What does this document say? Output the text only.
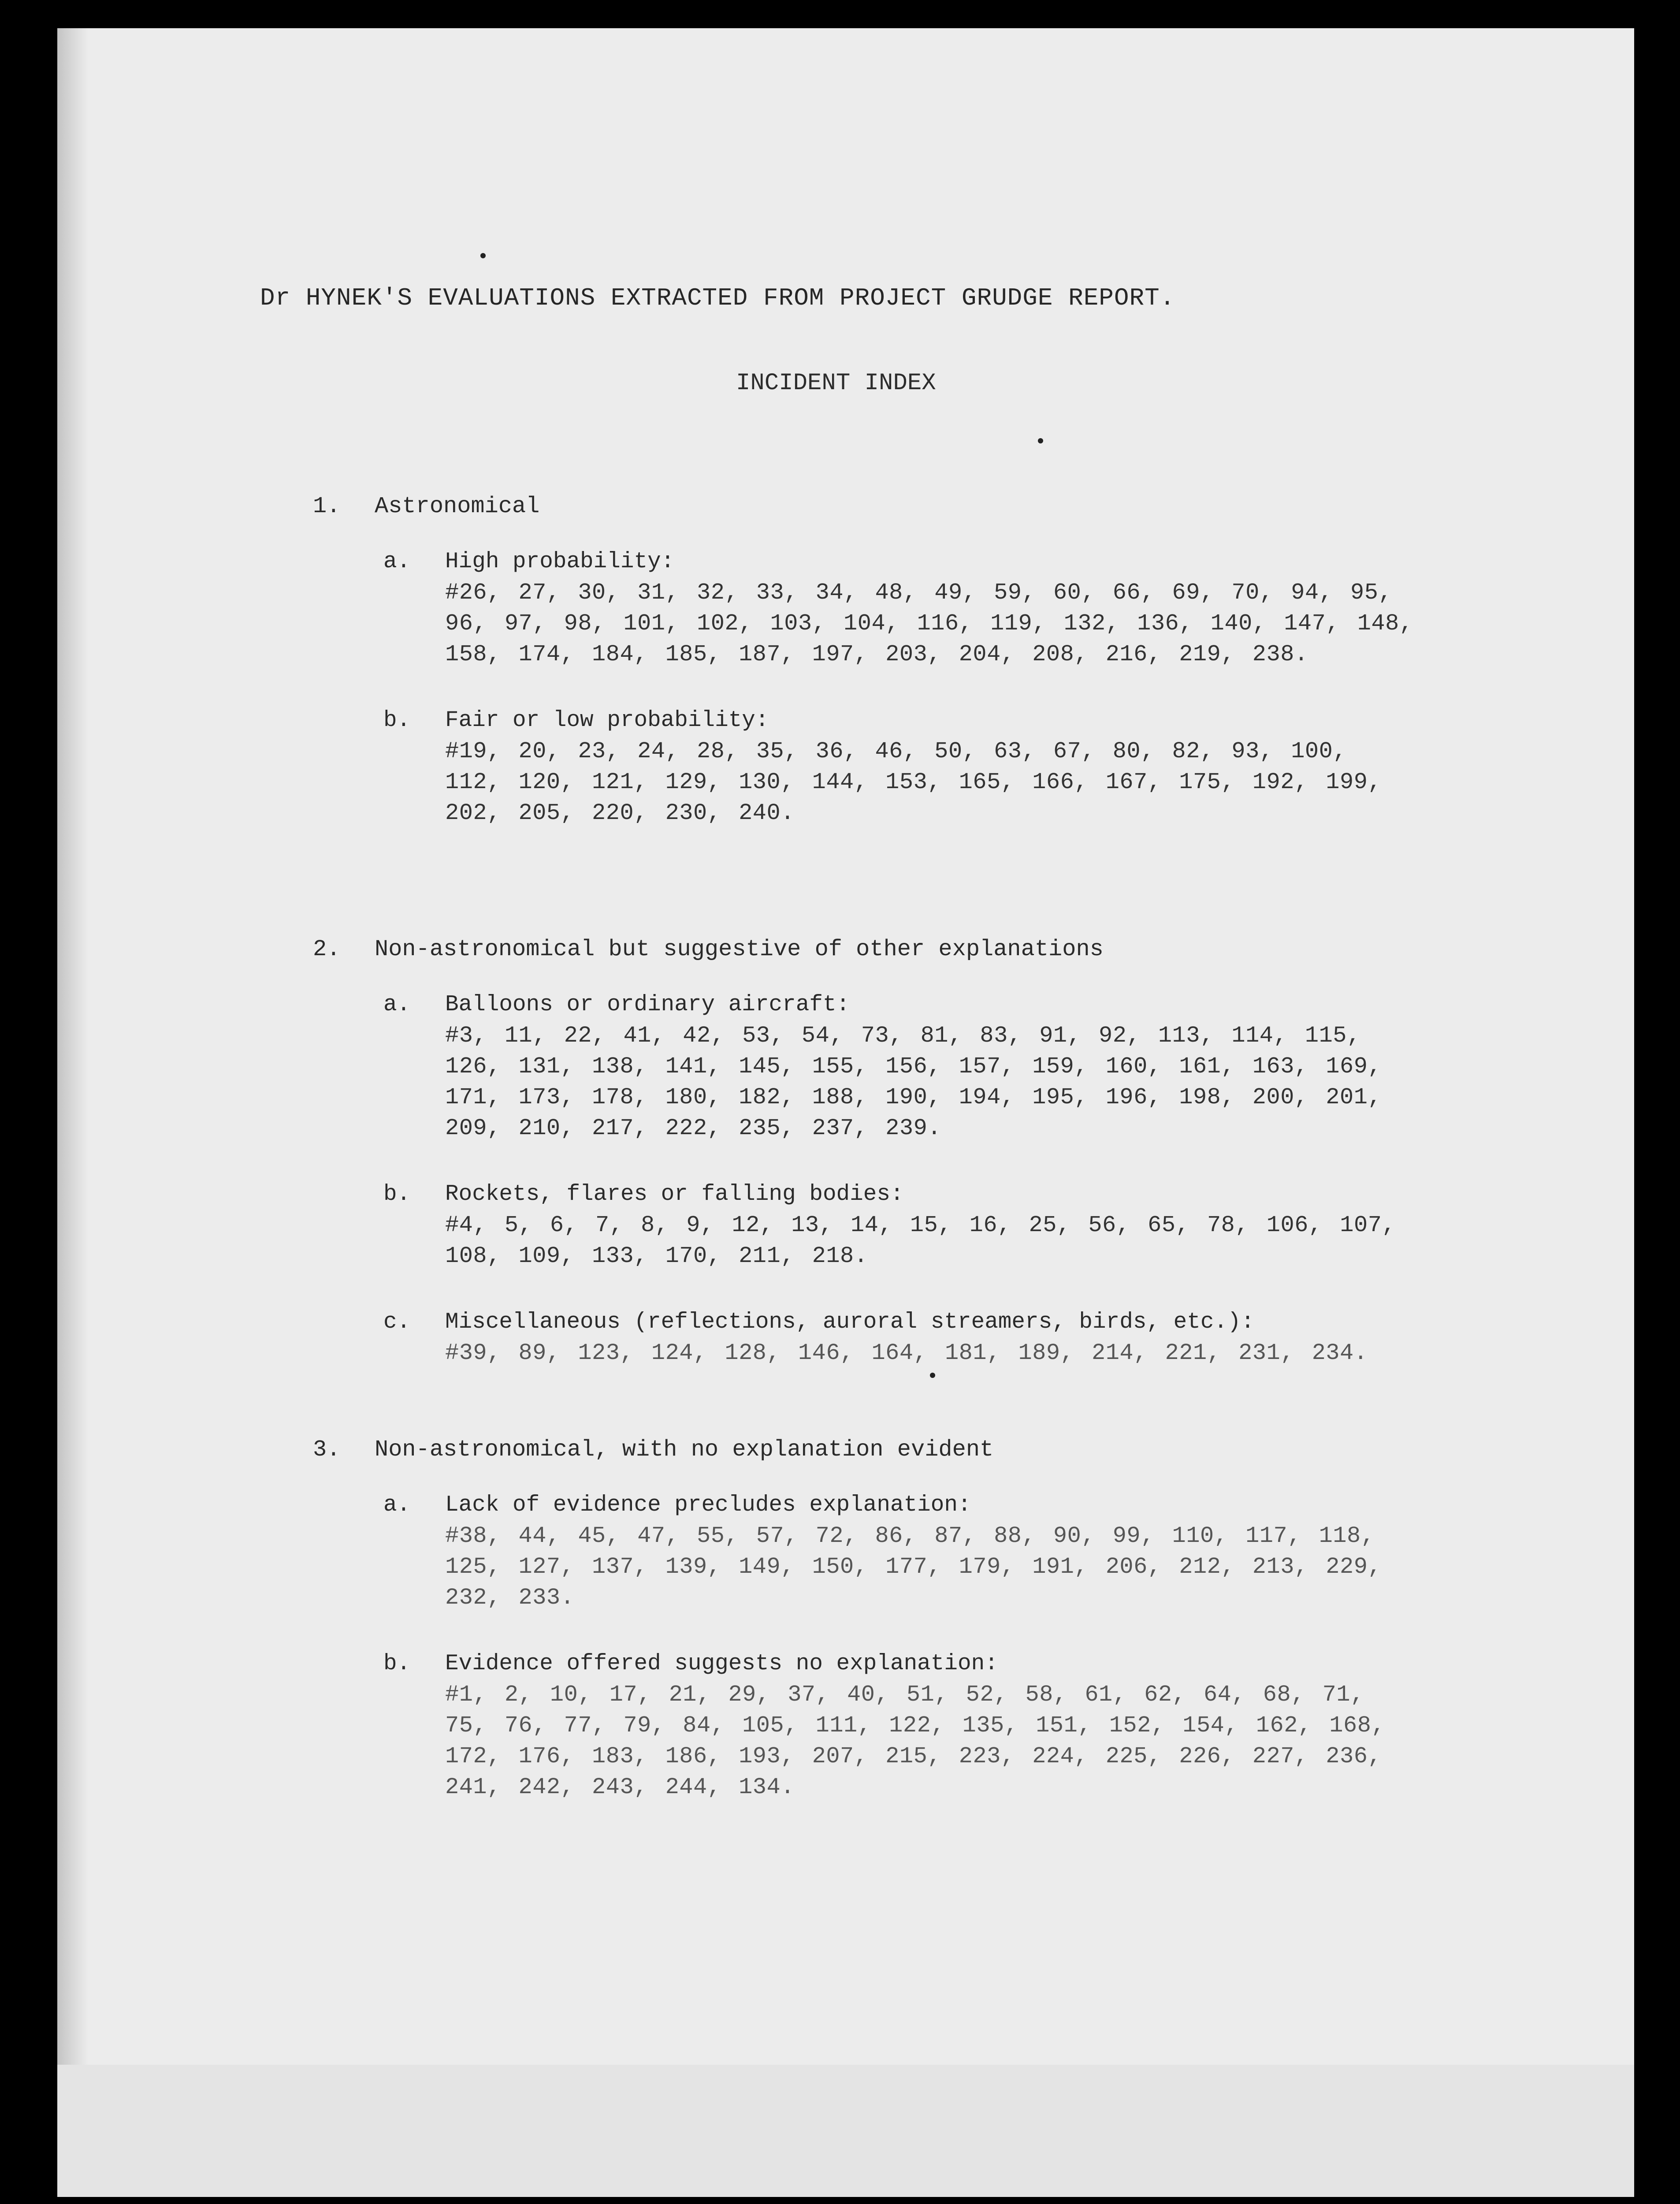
Dr HYNEK'S EVALUATIONS EXTRACTED FROM PROJECT GRUDGE REPORT.
INCIDENT INDEX
1. Astronomical
a. High probability:
#26, 27, 30, 31, 32, 33, 34, 48, 49, 59, 60, 66, 69, 70, 94, 95, 96, 97, 98, 101, 102, 103, 104, 116, 119, 132, 136, 140, 147, 148, 158, 174, 184, 185, 187, 197, 203, 204, 208, 216, 219, 238.
b. Fair or low probability:
#19, 20, 23, 24, 28, 35, 36, 46, 50, 63, 67, 80, 82, 93, 100, 112, 120, 121, 129, 130, 144, 153, 165, 166, 167, 175, 192, 199, 202, 205, 220, 230, 240.
2. Non-astronomical but suggestive of other explanations
a. Balloons or ordinary aircraft:
#3, 11, 22, 41, 42, 53, 54, 73, 81, 83, 91, 92, 113, 114, 115, 126, 131, 138, 141, 145, 155, 156, 157, 159, 160, 161, 163, 169, 171, 173, 178, 180, 182, 188, 190, 194, 195, 196, 198, 200, 201, 209, 210, 217, 222, 235, 237, 239.
b. Rockets, flares or falling bodies:
#4, 5, 6, 7, 8, 9, 12, 13, 14, 15, 16, 25, 56, 65, 78, 106, 107, 108, 109, 133, 170, 211, 218.
c. Miscellaneous (reflections, auroral streamers, birds, etc.):
#39, 89, 123, 124, 128, 146, 164, 181, 189, 214, 221, 231, 234.
3. Non-astronomical, with no explanation evident
a. Lack of evidence precludes explanation:
#38, 44, 45, 47, 55, 57, 72, 86, 87, 88, 90, 99, 110, 117, 118, 125, 127, 137, 139, 149, 150, 177, 179, 191, 206, 212, 213, 229, 232, 233.
b. Evidence offered suggests no explanation:
#1, 2, 10, 17, 21, 29, 37, 40, 51, 52, 58, 61, 62, 64, 68, 71, 75, 76, 77, 79, 84, 105, 111, 122, 135, 151, 152, 154, 162, 168, 172, 176, 183, 186, 193, 207, 215, 223, 224, 225, 226, 227, 236, 241, 242, 243, 244, 134.
